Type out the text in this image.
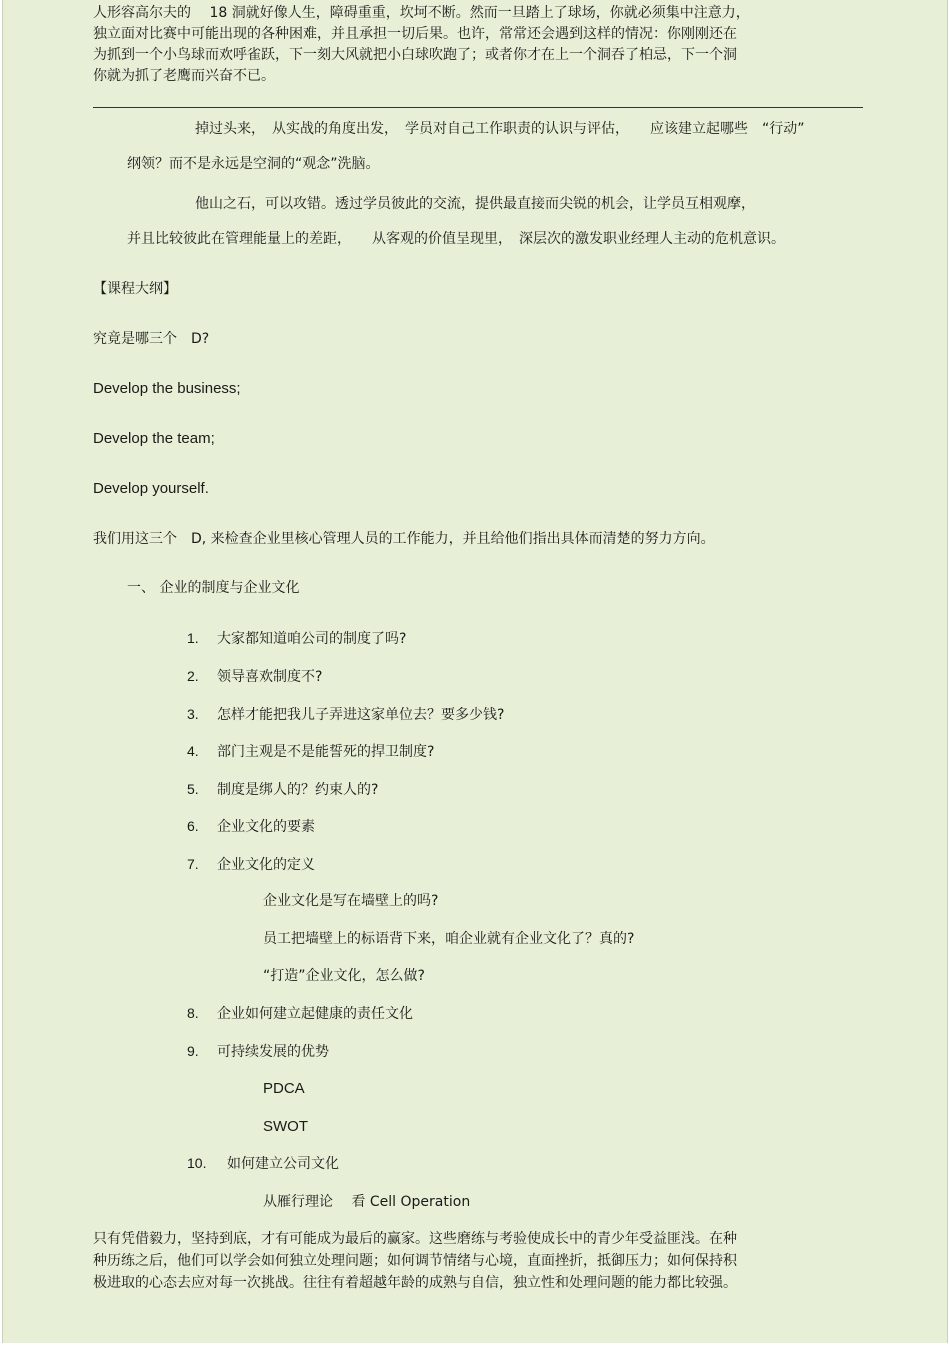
人形容高尔夫的　 18 洞就好像人生，障碍重重，坎坷不断。然而一旦踏上了球场，你就必须集中注意力，

独立面对比赛中可能出现的各种困难，并且承担一切后果。也许，常常还会遇到这样的情况：你刚刚还在

为抓到一个小鸟球而欢呼雀跃，下一刻大风就把小白球吹跑了；或者你才在上一个洞吞了柏忌，下一个洞

你就为抓了老鹰而兴奋不已。

掉过头来，　从实战的角度出发，　学员对自己工作职责的认识与评估，　　应该建立起哪些　“行动”

纲领？而不是永远是空洞的“观念”洗脑。

他山之石，可以攻错。透过学员彼此的交流，提供最直接而尖锐的机会，让学员互相观摩，

并且比较彼此在管理能量上的差距，　　从客观的价值呈现里，　深层次的激发职业经理人主动的危机意识。

【课程大纲】

究竟是哪三个　D?

Develop the business;

Develop the team;

Develop yourself.

我们用这三个　D, 来检查企业里核心管理人员的工作能力，并且给他们指出具体而清楚的努力方向。

一、 企业的制度与企业文化

1. 大家都知道咱公司的制度了吗?

2. 领导喜欢制度不?

3. 怎样才能把我儿子弄进这家单位去？要多少钱?

4. 部门主观是不是能誓死的捍卫制度?

5. 制度是绑人的？约束人的?

6. 企业文化的要素

7. 企业文化的定义

企业文化是写在墙壁上的吗?

员工把墙壁上的标语背下来，咱企业就有企业文化了？真的?

“打造”企业文化，怎么做?

8. 企业如何建立起健康的责任文化

9. 可持续发展的优势

PDCA

SWOT

10. 如何建立公司文化

从雁行理论　 看 Cell Operation

只有凭借毅力，坚持到底，才有可能成为最后的赢家。这些磨练与考验使成长中的青少年受益匪浅。在种

种历练之后，他们可以学会如何独立处理问题；如何调节情绪与心境，直面挫折，抵御压力；如何保持积

极进取的心态去应对每一次挑战。往往有着超越年龄的成熟与自信，独立性和处理问题的能力都比较强。
